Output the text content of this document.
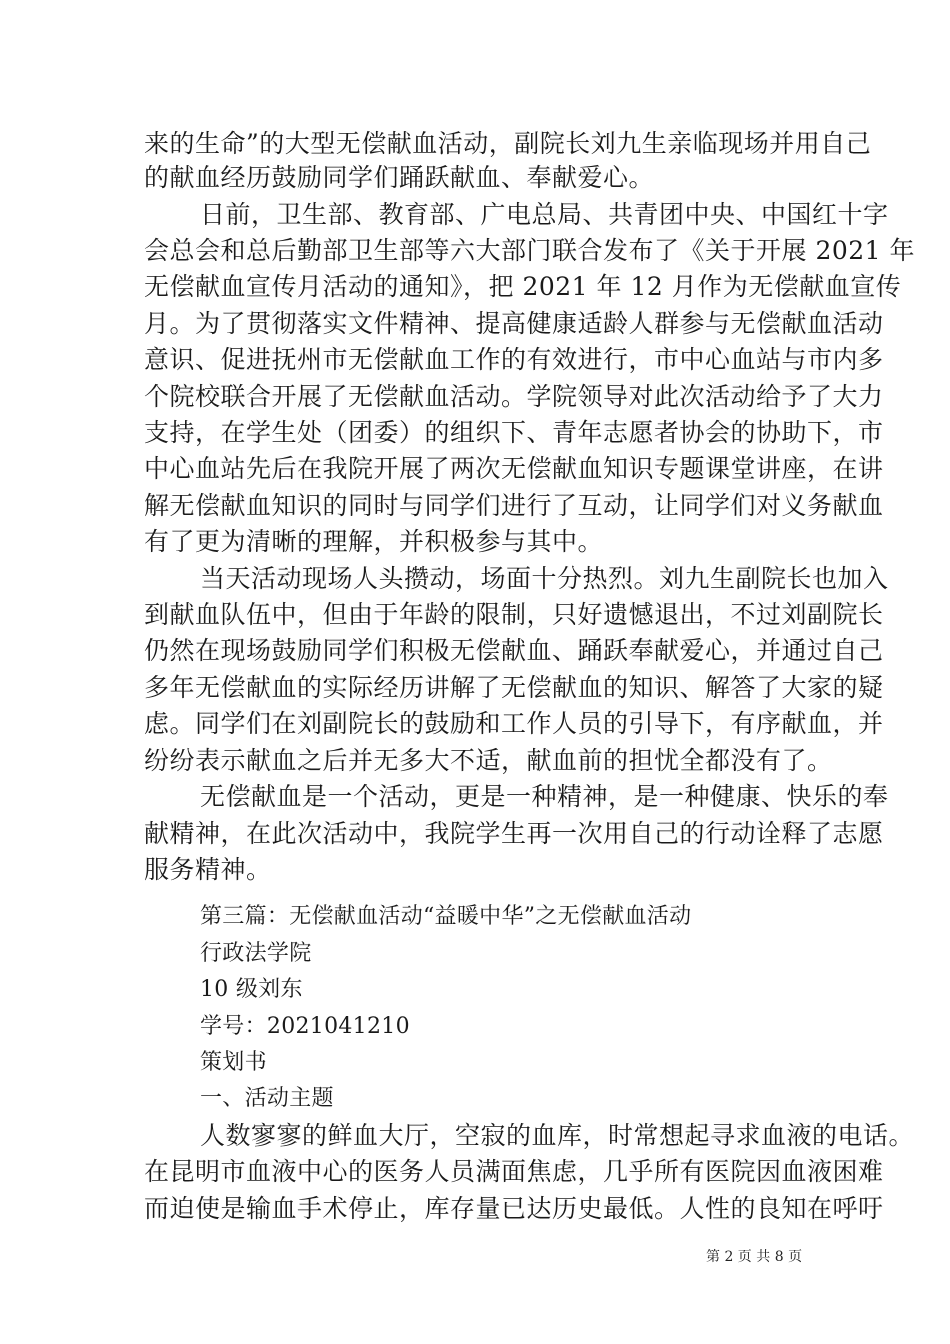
来的生命”的大型无偿献血活动，副院长刘九生亲临现场并用自己
的献血经历鼓励同学们踊跃献血、奉献爱心。
日前，卫生部、教育部、广电总局、共青团中央、中国红十字
会总会和总后勤部卫生部等六大部门联合发布了《关于开展 2021 年
无偿献血宣传月活动的通知》，把 2021 年 12 月作为无偿献血宣传
月。为了贯彻落实文件精神、提高健康适龄人群参与无偿献血活动
意识、促进抚州市无偿献血工作的有效进行，市中心血站与市内多
个院校联合开展了无偿献血活动。学院领导对此次活动给予了大力
支持，在学生处（团委）的组织下、青年志愿者协会的协助下，市
中心血站先后在我院开展了两次无偿献血知识专题课堂讲座，在讲
解无偿献血知识的同时与同学们进行了互动，让同学们对义务献血
有了更为清晰的理解，并积极参与其中。
当天活动现场人头攒动，场面十分热烈。刘九生副院长也加入
到献血队伍中，但由于年龄的限制，只好遗憾退出，不过刘副院长
仍然在现场鼓励同学们积极无偿献血、踊跃奉献爱心，并通过自己
多年无偿献血的实际经历讲解了无偿献血的知识、解答了大家的疑
虑。同学们在刘副院长的鼓励和工作人员的引导下，有序献血，并
纷纷表示献血之后并无多大不适，献血前的担忧全都没有了。
无偿献血是一个活动，更是一种精神，是一种健康、快乐的奉
献精神，在此次活动中，我院学生再一次用自己的行动诠释了志愿
服务精神。
第三篇：无偿献血活动“益暖中华”之无偿献血活动
行政法学院
10 级刘东
学号：2021041210
策划书
一、活动主题
人数寥寥的鲜血大厅，空寂的血库，时常想起寻求血液的电话。
在昆明市血液中心的医务人员满面焦虑，几乎所有医院因血液困难
而迫使是输血手术停止，库存量已达历史最低。人性的良知在呼吁
第 2 页 共 8 页
